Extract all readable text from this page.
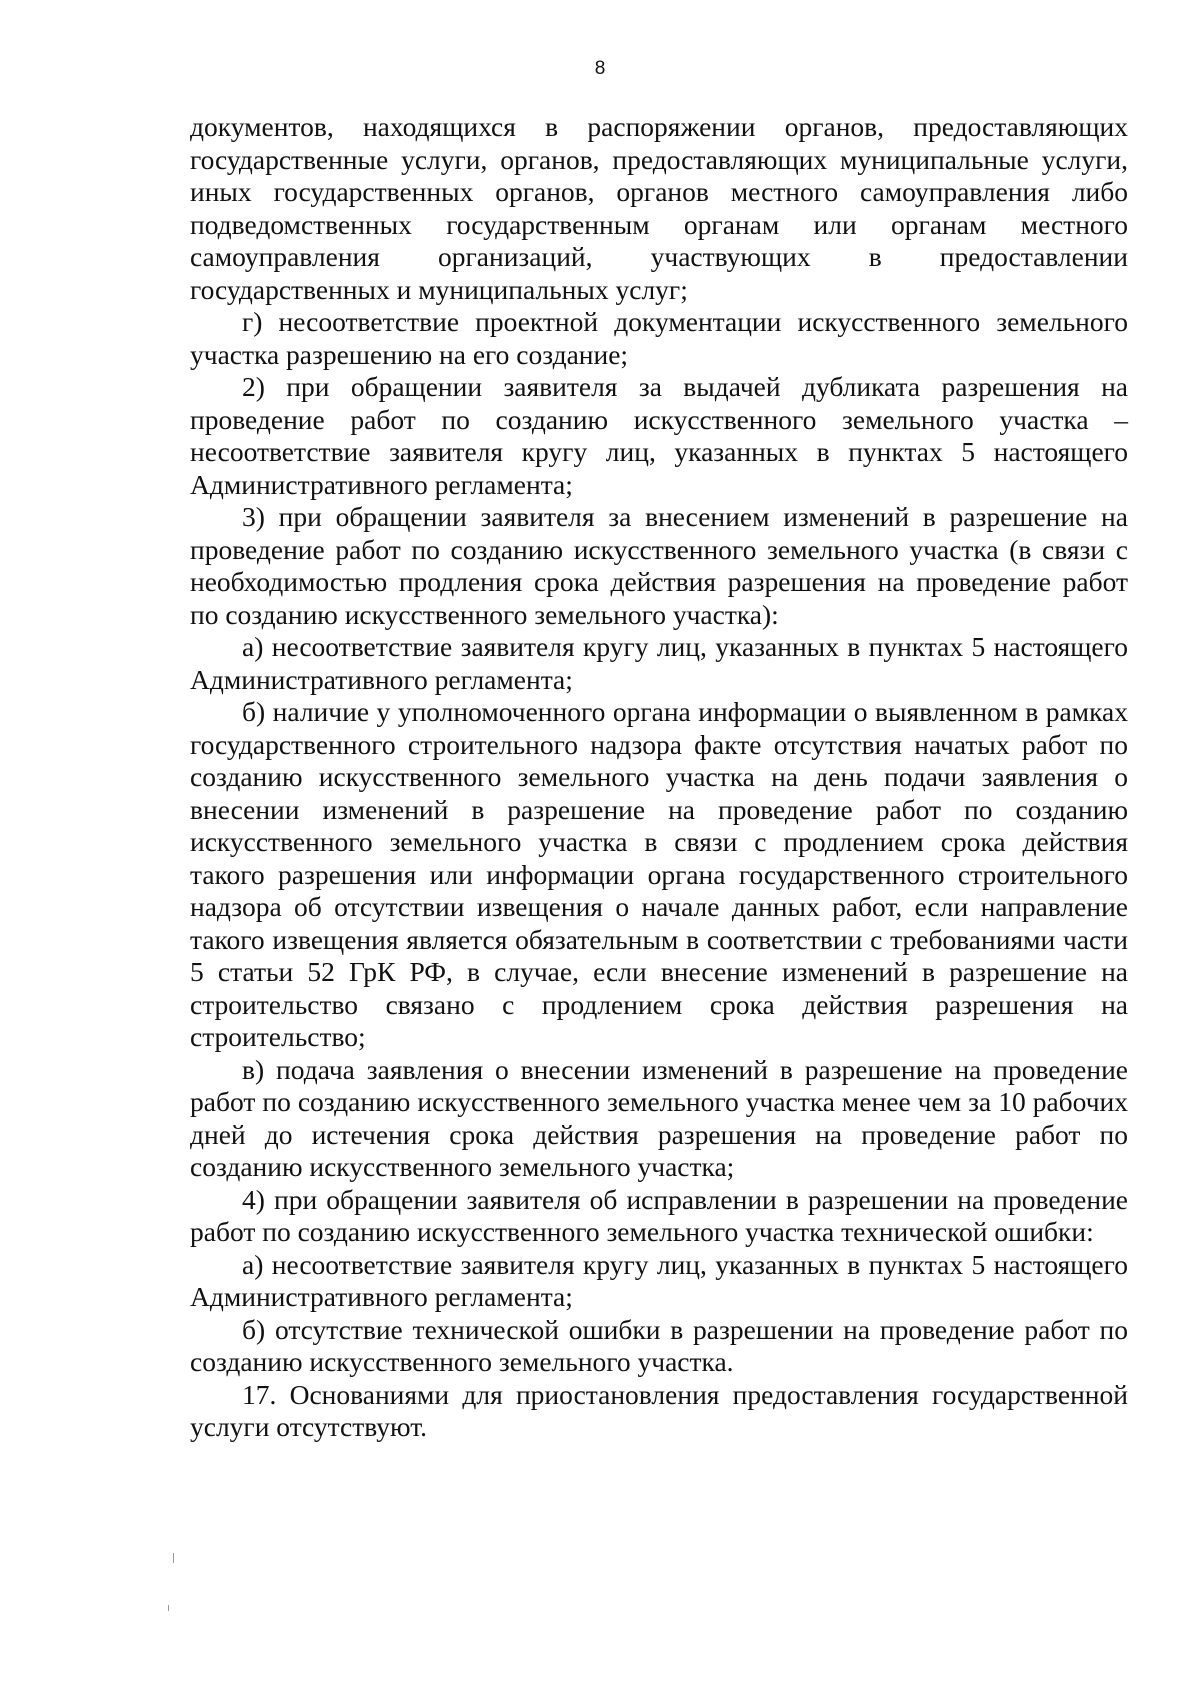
8

документов, находящихся в распоряжении органов, предоставляющих государственные услуги, органов, предоставляющих муниципальные услуги, иных государственных органов, органов местного самоуправления либо подведомственных государственным органам или органам местного самоуправления организаций, участвующих в предоставлении государственных и муниципальных услуг;

г) несоответствие проектной документации искусственного земельного участка разрешению на его создание;

2) при обращении заявителя за выдачей дубликата разрешения на проведение работ по созданию искусственного земельного участка – несоответствие заявителя кругу лиц, указанных в пунктах 5 настоящего Административного регламента;

3) при обращении заявителя за внесением изменений в разрешение на проведение работ по созданию искусственного земельного участка (в связи с необходимостью продления срока действия разрешения на проведение работ по созданию искусственного земельного участка):

а) несоответствие заявителя кругу лиц, указанных в пунктах 5 настоящего Административного регламента;

б) наличие у уполномоченного органа информации о выявленном в рамках государственного строительного надзора факте отсутствия начатых работ по созданию искусственного земельного участка на день подачи заявления о внесении изменений в разрешение на проведение работ по созданию искусственного земельного участка в связи с продлением срока действия такого разрешения или информации органа государственного строительного надзора об отсутствии извещения о начале данных работ, если направление такого извещения является обязательным в соответствии с требованиями части 5 статьи 52 ГрК РФ, в случае, если внесение изменений в разрешение на строительство связано с продлением срока действия разрешения на строительство;

в) подача заявления о внесении изменений в разрешение на проведение работ по созданию искусственного земельного участка менее чем за 10 рабочих дней до истечения срока действия разрешения на проведение работ по созданию искусственного земельного участка;

4) при обращении заявителя об исправлении в разрешении на проведение работ по созданию искусственного земельного участка технической ошибки:

а) несоответствие заявителя кругу лиц, указанных в пунктах 5 настоящего Административного регламента;

б) отсутствие технической ошибки в разрешении на проведение работ по созданию искусственного земельного участка.

17. Основаниями для приостановления предоставления государственной услуги отсутствуют.
